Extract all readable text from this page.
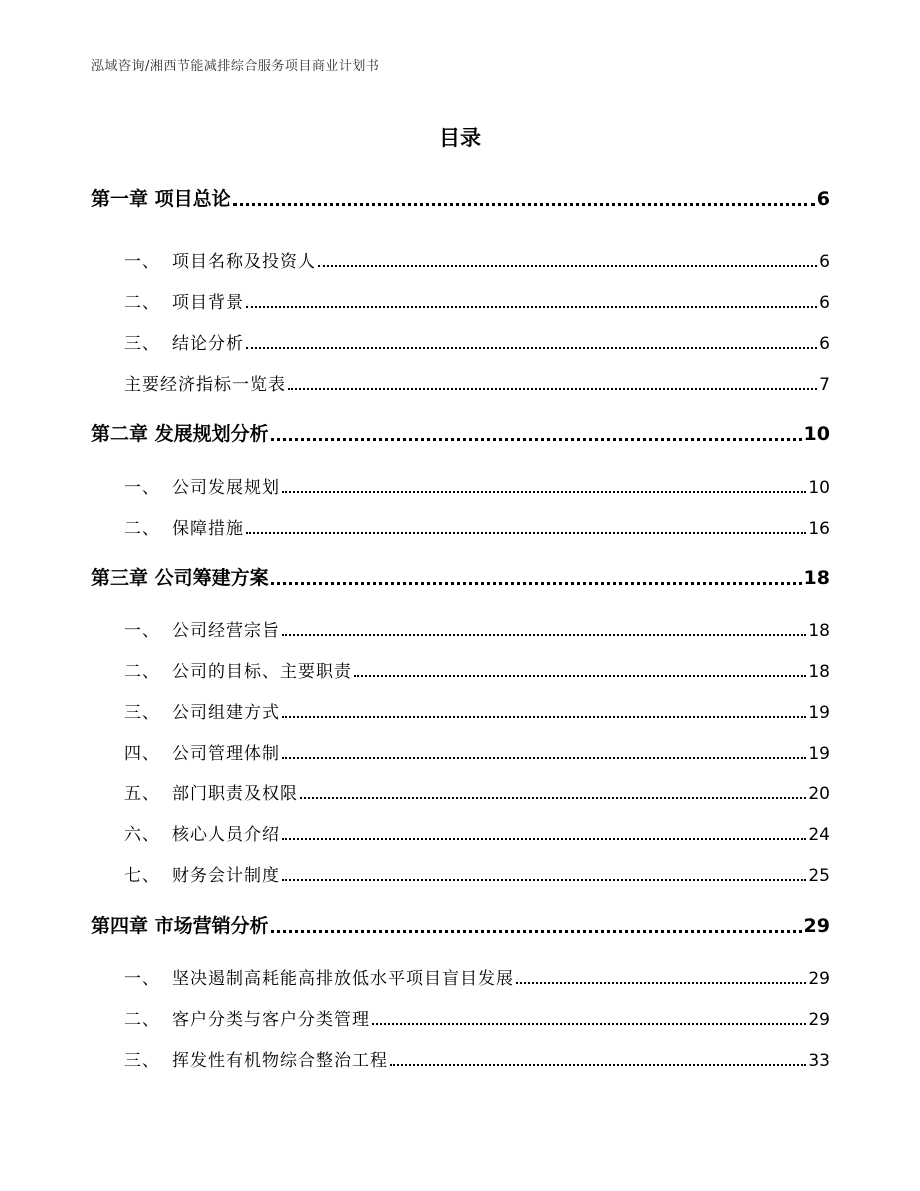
泓域咨询/湘西节能减排综合服务项目商业计划书
目录
第一章 项目总论	6
一、 项目名称及投资人	6
二、 项目背景	6
三、 结论分析	6
主要经济指标一览表	7
第二章 发展规划分析	10
一、 公司发展规划	10
二、 保障措施	16
第三章 公司筹建方案	18
一、 公司经营宗旨	18
二、 公司的目标、主要职责	18
三、 公司组建方式	19
四、 公司管理体制	19
五、 部门职责及权限	20
六、 核心人员介绍	24
七、 财务会计制度	25
第四章 市场营销分析	29
一、 坚决遏制高耗能高排放低水平项目盲目发展	29
二、 客户分类与客户分类管理	29
三、 挥发性有机物综合整治工程	33
